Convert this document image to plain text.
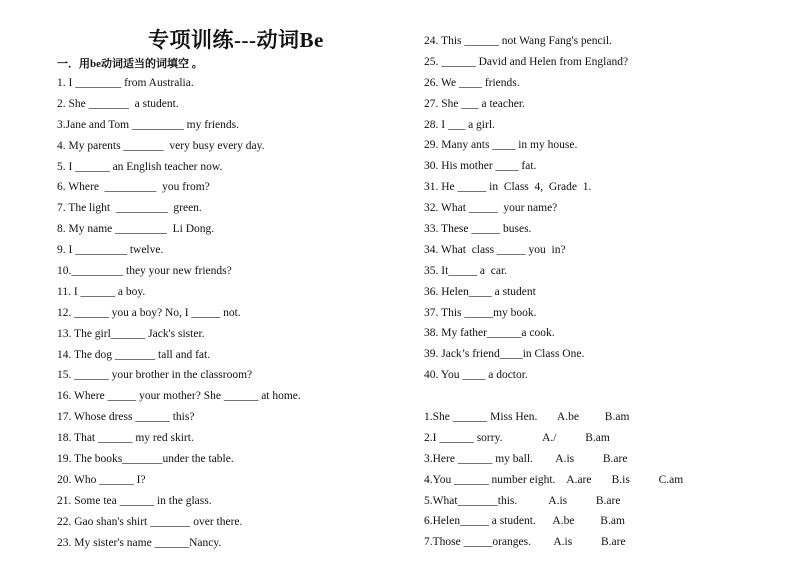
专项训练---动词Be
一．用be动词适当的词填空 。
1. I ________ from Australia.
2. She _______  a student.
3.Jane and Tom _________ my friends.
4. My parents _______  very busy every day.
5. I ______ an English teacher now.
6. Where  _________  you from?
7. The light  _________  green.
8. My name _________  Li Dong.
9. I _________ twelve.
10._________ they your new friends?
11. I ______ a boy.
12. ______ you a boy? No, I _____ not.
13. The girl______ Jack's sister.
14. The dog _______ tall and fat.
15. ______ your brother in the classroom?
16. Where _____ your mother? She ______ at home.
17. Whose dress ______ this?
18. That ______ my red skirt.
19. The books_______under the table.
20. Who ______ I?
21. Some tea ______ in the glass.
22. Gao shan's shirt _______ over there.
23. My sister's name ______Nancy.
24. This ______ not Wang Fang's pencil.
25. ______ David and Helen from England?
26. We ____ friends.
27. She ___ a teacher.
28. I ___ a girl.
29. Many ants ____ in my house.
30. His mother ____ fat.
31. He _____ in  Class  4,  Grade  1.
32. What _____  your name?
33. These _____ buses.
34. What  class _____ you  in?
35. It_____ a  car.
36. Helen____ a student
37. This _____my book.
38. My father______a cook.
39. Jack’s friend____in Class One.
40. You ____ a doctor.
1.She ______ Miss Hen.       A.be         B.am
2.I ______ sorry.              A./          B.am
3.Here ______ my ball.        A.is          B.are
4.You ______ number eight.    A.are       B.is          C.am
5.What_______this.           A.is          B.are
6.Helen_____ a student.      A.be         B.am
7.Those _____oranges.        A.is          B.are
